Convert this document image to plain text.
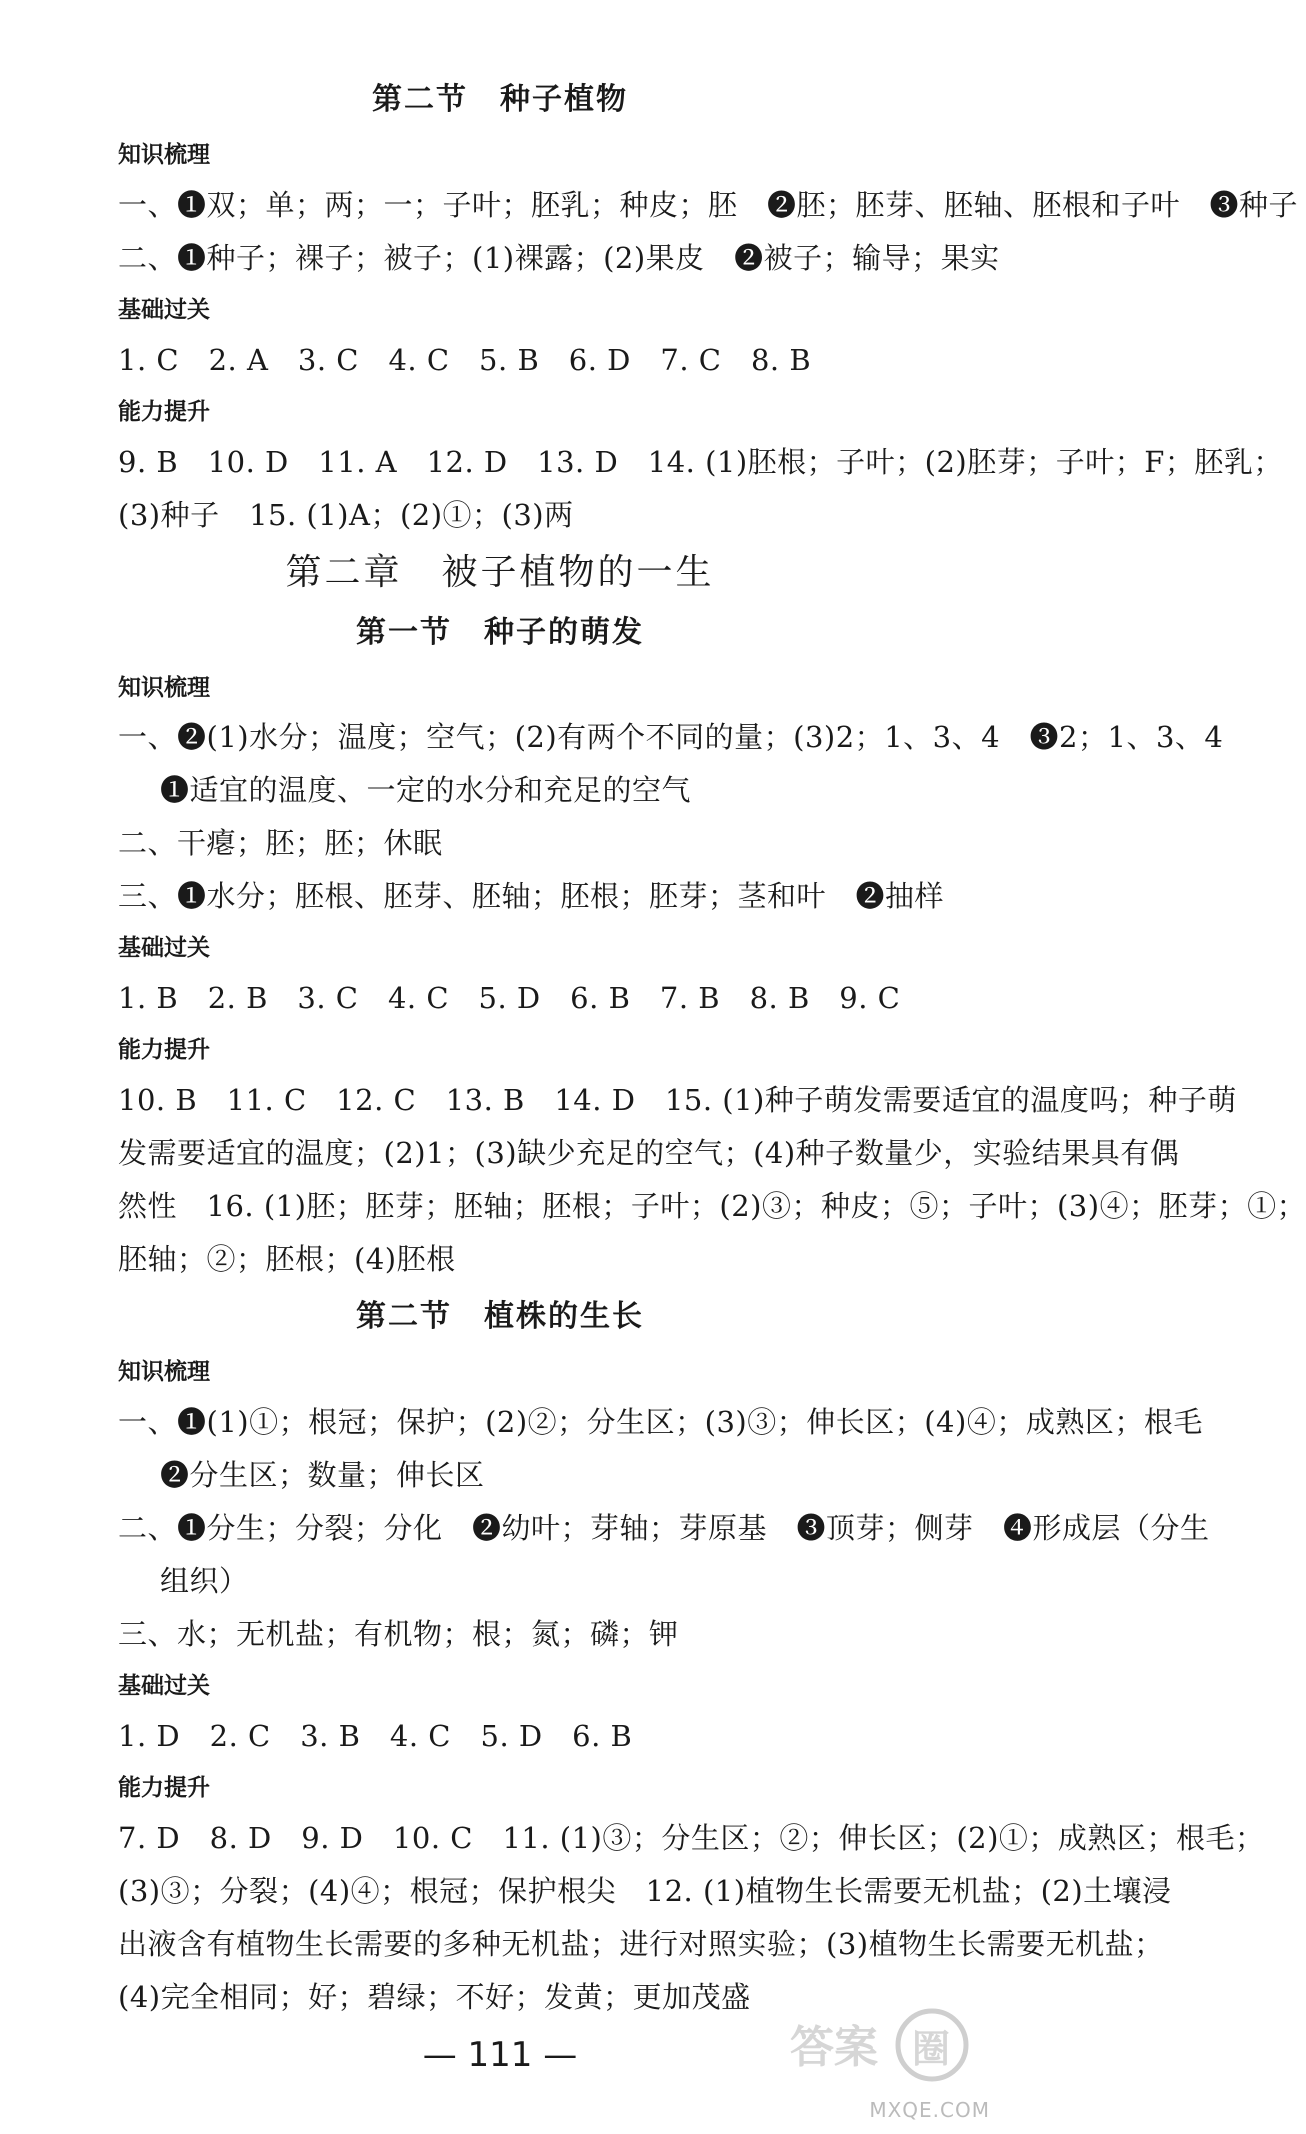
第二节　种子植物
知识梳理
一、❶双；单；两；一；子叶；胚乳；种皮；胚　❷胚；胚芽、胚轴、胚根和子叶　❸种子
二、❶种子；裸子；被子；(1)裸露；(2)果皮　❷被子；输导；果实
基础过关
1. C　2. A　3. C　4. C　5. B　6. D　7. C　8. B
能力提升
9. B　10. D　11. A　12. D　13. D　14. (1)胚根；子叶；(2)胚芽；子叶；F；胚乳；
(3)种子　15. (1)A；(2)①；(3)两
第二章　被子植物的一生
第一节　种子的萌发
知识梳理
一、❷(1)水分；温度；空气；(2)有两个不同的量；(3)2；1、3、4　❸2；1、3、4
❶适宜的温度、一定的水分和充足的空气
二、干瘪；胚；胚；休眠
三、❶水分；胚根、胚芽、胚轴；胚根；胚芽；茎和叶　❷抽样
基础过关
1. B　2. B　3. C　4. C　5. D　6. B　7. B　8. B　9. C
能力提升
10. B　11. C　12. C　13. B　14. D　15. (1)种子萌发需要适宜的温度吗；种子萌
发需要适宜的温度；(2)1；(3)缺少充足的空气；(4)种子数量少，实验结果具有偶
然性　16. (1)胚；胚芽；胚轴；胚根；子叶；(2)③；种皮；⑤；子叶；(3)④；胚芽；①；
胚轴；②；胚根；(4)胚根
第二节　植株的生长
知识梳理
一、❶(1)①；根冠；保护；(2)②；分生区；(3)③；伸长区；(4)④；成熟区；根毛
❷分生区；数量；伸长区
二、❶分生；分裂；分化　❷幼叶；芽轴；芽原基　❸顶芽；侧芽　❹形成层（分生
组织）
三、水；无机盐；有机物；根；氮；磷；钾
基础过关
1. D　2. C　3. B　4. C　5. D　6. B
能力提升
7. D　8. D　9. D　10. C　11. (1)③；分生区；②；伸长区；(2)①；成熟区；根毛；
(3)③；分裂；(4)④；根冠；保护根尖　12. (1)植物生长需要无机盐；(2)土壤浸
出液含有植物生长需要的多种无机盐；进行对照实验；(3)植物生长需要无机盐；
(4)完全相同；好；碧绿；不好；发黄；更加茂盛
— 111 —	答案 圈
MXQE.COM
